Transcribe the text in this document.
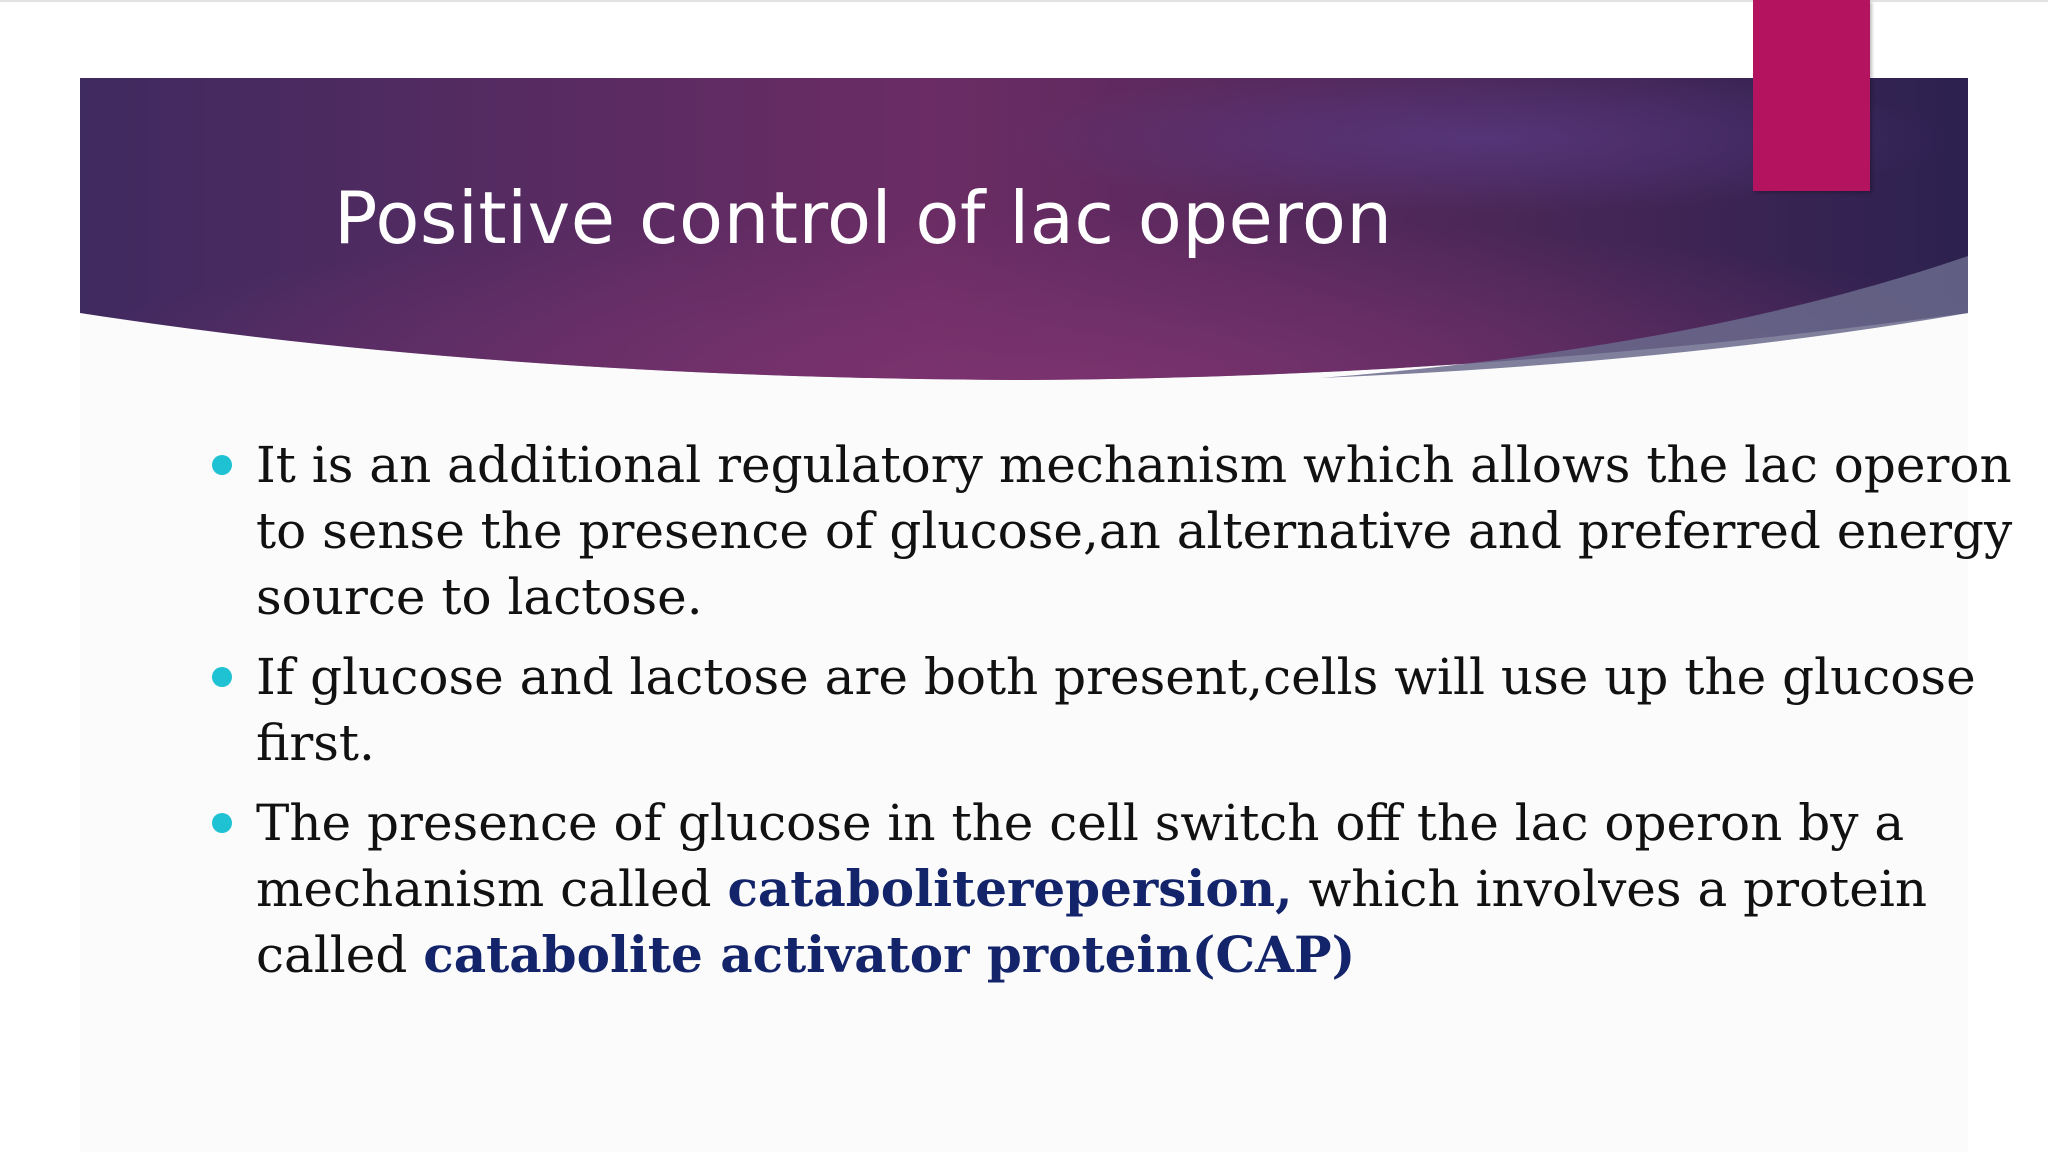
Positive control of lac operon
It is an additional regulatory mechanism which allows the lac operon
to sense the presence of glucose,an alternative and preferred energy
source to lactose.
If glucose and lactose are both present,cells will use up the glucose
first.
The presence of glucose in the cell switch off the lac operon by a
mechanism called cataboliterepersion, which involves a protein
called catabolite activator protein(CAP)
